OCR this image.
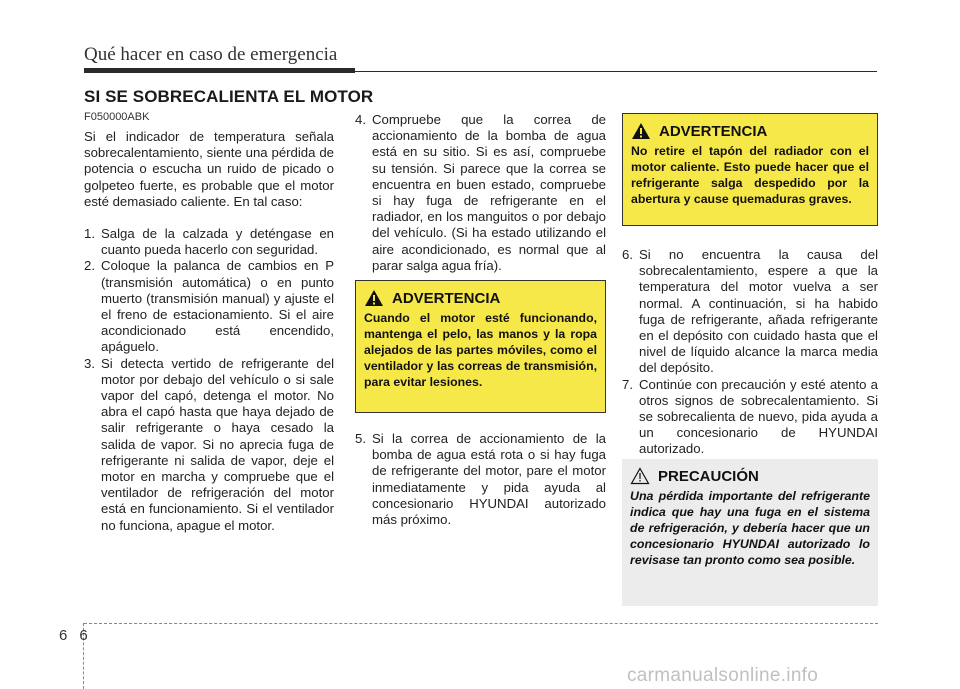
Qué hacer en caso de emergencia
SI SE SOBRECALIENTA EL MOTOR
F050000ABK

Si el indicador de temperatura señala sobrecalentamiento, siente una pérdida de potencia o escucha un ruido de picado o golpeteo fuerte, es probable que el motor esté demasiado caliente. En tal caso:

1. Salga de la calzada y deténgase en cuanto pueda hacerlo con seguridad.
2. Coloque la palanca de cambios en P (transmisión automática) o en punto muerto (transmisión manual) y ajuste el el freno de estacionamiento. Si el aire acondicionado está encendido, apáguelo.
3. Si detecta vertido de refrigerante del motor por debajo del vehículo o si sale vapor del capó, detenga el motor. No abra el capó hasta que haya dejado de salir refrigerante o haya cesado la salida de vapor. Si no aprecia fuga de refrigerante ni salida de vapor, deje el motor en marcha y compruebe que el ventilador de refrigeración del motor está en funcionamiento. Si el ventilador no funciona, apague el motor.
4. Compruebe que la correa de accionamiento de la bomba de agua está en su sitio. Si es así, compruebe su tensión. Si parece que la correa se encuentra en buen estado, compruebe si hay fuga de refrigerante en el radiador, en los manguitos o por debajo del vehículo. (Si ha estado utilizando el aire acondicionado, es normal que al parar salga agua fría).
ADVERTENCIA
Cuando el motor esté funcionando, mantenga el pelo, las manos y la ropa alejados de las partes móviles, como el ventilador y las correas de transmisión, para evitar lesiones.
5. Si la correa de accionamiento de la bomba de agua está rota o si hay fuga de refrigerante del motor, pare el motor inmediatamente y pida ayuda al concesionario HYUNDAI autorizado más próximo.
ADVERTENCIA
No retire el tapón del radiador con el motor caliente. Esto puede hacer que el refrigerante salga despedido por la abertura y cause quemaduras graves.
6. Si no encuentra la causa del sobrecalentamiento, espere a que la temperatura del motor vuelva a ser normal. A continuación, si ha habido fuga de refrigerante, añada refrigerante en el depósito con cuidado hasta que el nivel de líquido alcance la marca media del depósito.
7. Continúe con precaución y esté atento a otros signos de sobrecalentamiento. Si se sobrecalienta de nuevo, pida ayuda a un concesionario de HYUNDAI autorizado.
PRECAUCIÓN
Una pérdida importante del refrigerante indica que hay una fuga en el sistema de refrigeración, y debería hacer que un concesionario HYUNDAI autorizado lo revisase tan pronto como sea posible.
6 6
carmanualsonline.info
